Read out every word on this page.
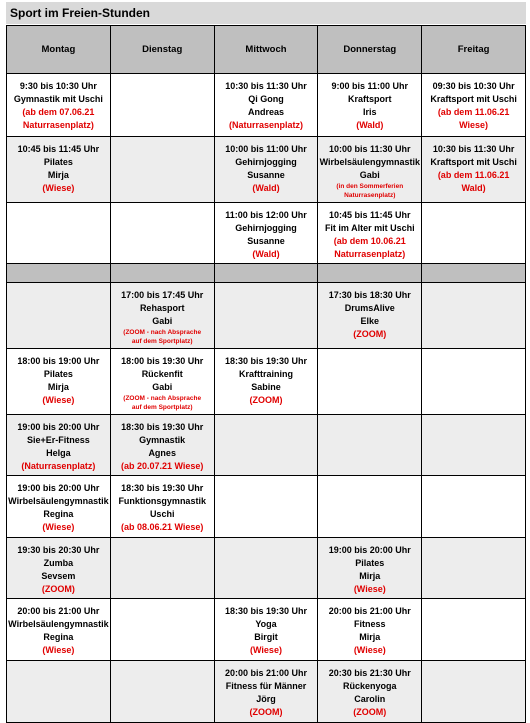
Sport im Freien-Stunden
Montag	Dienstag	Mittwoch	Donnerstag	Freitag

9:30 bis 10:30 Uhr
Gymnastik mit Uschi
(ab dem 07.06.21
Naturrasenplatz)		10:30 bis 11:30 Uhr
Qi Gong
Andreas
(Naturrasenplatz)	9:00 bis 11:00 Uhr
Kraftsport
Iris
(Wald)	09:30 bis 10:30 Uhr
Kraftsport mit Uschi
(ab dem 11.06.21
Wiese)

10:45 bis 11:45 Uhr
Pilates
Mirja
(Wiese)		10:00 bis 11:00 Uhr
Gehirnjogging
Susanne
(Wald)	10:00 bis 11:30 Uhr
Wirbelsäulengymnastik
Gabi
(in den Sommerferien
Naturrasenplatz)	10:30 bis 11:30 Uhr
Kraftsport mit Uschi
(ab dem 11.06.21
Wald)

		11:00 bis 12:00 Uhr
Gehirnjogging
Susanne
(Wald)	10:45 bis 11:45 Uhr
Fit im Alter mit Uschi
(ab dem 10.06.21
Naturrasenplatz)	

	17:00 bis 17:45 Uhr
Rehasport
Gabi
(ZOOM - nach Absprache
auf dem Sportplatz)		17:30 bis 18:30 Uhr
DrumsAlive
Elke
(ZOOM)	

18:00 bis 19:00 Uhr
Pilates
Mirja
(Wiese)	18:00 bis 19:30 Uhr
Rückenfit
Gabi
(ZOOM - nach Absprache
auf dem Sportplatz)	18:30 bis 19:30 Uhr
Krafttraining
Sabine
(ZOOM)		

19:00 bis 20:00 Uhr
Sie+Er-Fitness
Helga
(Naturrasenplatz)	18:30 bis 19:30 Uhr
Gymnastik
Agnes
(ab 20.07.21 Wiese)			

19:00 bis 20:00 Uhr
Wirbelsäulengymnastik
Regina
(Wiese)	18:30 bis 19:30 Uhr
Funktionsgymnastik
Uschi
(ab 08.06.21 Wiese)			

19:30 bis 20:30 Uhr
Zumba
Sevsem
(ZOOM)			19:00 bis 20:00 Uhr
Pilates
Mirja
(Wiese)	

20:00 bis 21:00 Uhr
Wirbelsäulengymnastik
Regina
(Wiese)		18:30 bis 19:30 Uhr
Yoga
Birgit
(Wiese)	20:00 bis 21:00 Uhr
Fitness
Mirja
(Wiese)	

		20:00 bis 21:00 Uhr
Fitness für Männer
Jörg
(ZOOM)	20:30 bis 21:30 Uhr
Rückenyoga
Carolin
(ZOOM)	
